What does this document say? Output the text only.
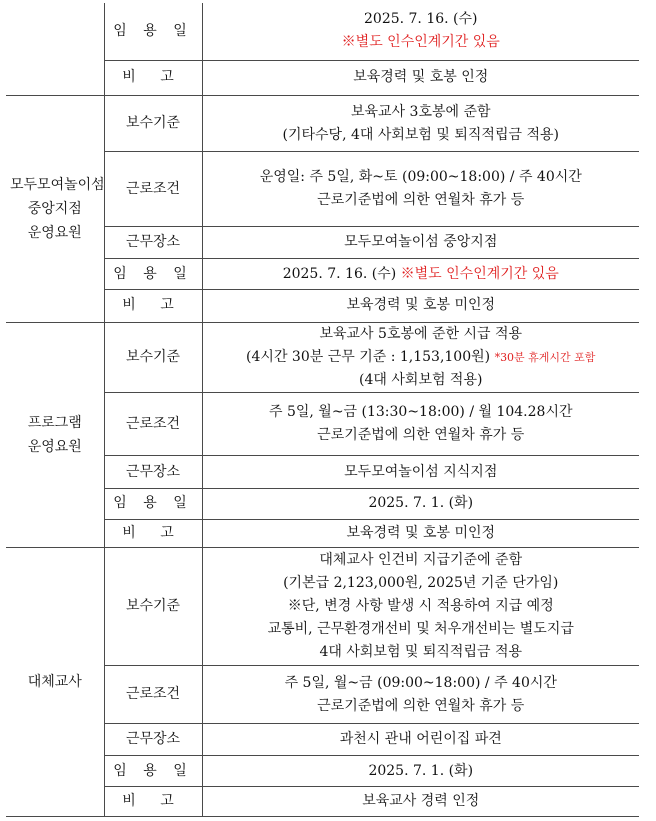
	임 용 일	2025. 7. 16. (수)
※별도 인수인계기간 있음

	비 고	보육경력 및 호봉 인정

모두모여놀이섬
중앙지점
운영요원	보수기준	보육교사 3호봉에 준함
(기타수당, 4대 사회보험 및 퇴직적립금 적용)

	근로조건	운영일: 주 5일, 화~토 (09:00~18:00) / 주 40시간
근로기준법에 의한 연월차 휴가 등

	근무장소	모두모여놀이섬 중앙지점
	임 용 일	2025. 7. 16. (수) ※별도 인수인계기간 있음
	비 고	보육경력 및 호봉 미인정

프로그램
운영요원	보수기준	보육교사 5호봉에 준한 시급 적용
(4시간 30분 근무 기준 : 1,153,100원) *30분 휴게시간 포함
(4대 사회보험 적용)

	근로조건	주 5일, 월~금 (13:30~18:00) / 월 104.28시간
근로기준법에 의한 연월차 휴가 등

	근무장소	모두모여놀이섬 지식지점
	임 용 일	2025. 7. 1. (화)
	비 고	보육경력 및 호봉 미인정

대체교사	보수기준	대체교사 인건비 지급기준에 준함
(기본급 2,123,000원, 2025년 기준 단가임)
※단, 변경 사항 발생 시 적용하여 지급 예정
교통비, 근무환경개선비 및 처우개선비는 별도지급
4대 사회보험 및 퇴직적립금 적용

	근로조건	주 5일, 월~금 (09:00~18:00) / 주 40시간
근로기준법에 의한 연월차 휴가 등

	근무장소	과천시 관내 어린이집 파견
	임 용 일	2025. 7. 1. (화)
	비 고	보육교사 경력 인정
